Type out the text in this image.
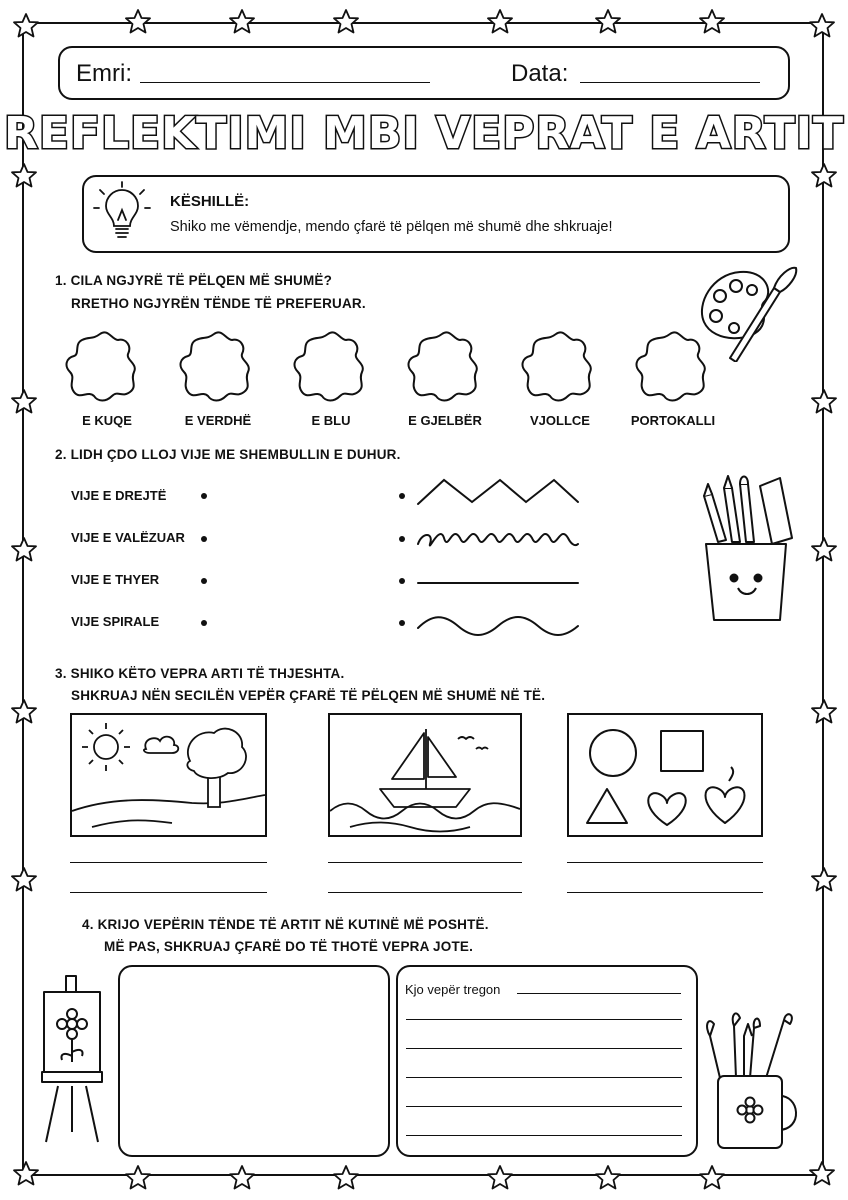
Emri:	Data:
REFLEKTIMI MBI VEPRAT E ARTIT
KËSHILLË:
Shiko me vëmendje, mendo çfarë të pëlqen më shumë dhe shkruaje!
1. CILA NGJYRË TË PËLQEN MË SHUMË?
RRETHO NGJYRËN TËNDE TË PREFERUAR.
E KUQE	E VERDHË	E BLU	E GJELBËR	VJOLLCE	PORTOKALLI
2. LIDH ÇDO LLOJ VIJE ME SHEMBULLIN E DUHUR.
VIJE E DREJTË
VIJE E VALËZUAR
VIJE E THYER
VIJE SPIRALE
3. SHIKO KËTO VEPRA ARTI TË THJESHTA.
SHKRUAJ NËN SECILËN VEPËR ÇFARË TË PËLQEN MË SHUMË NË TË.
4. KRIJO VEPËRIN TËNDE TË ARTIT NË KUTINË MË POSHTË.
MË PAS, SHKRUAJ ÇFARË DO TË THOTË VEPRA JOTE.
Kjo vepër tregon
